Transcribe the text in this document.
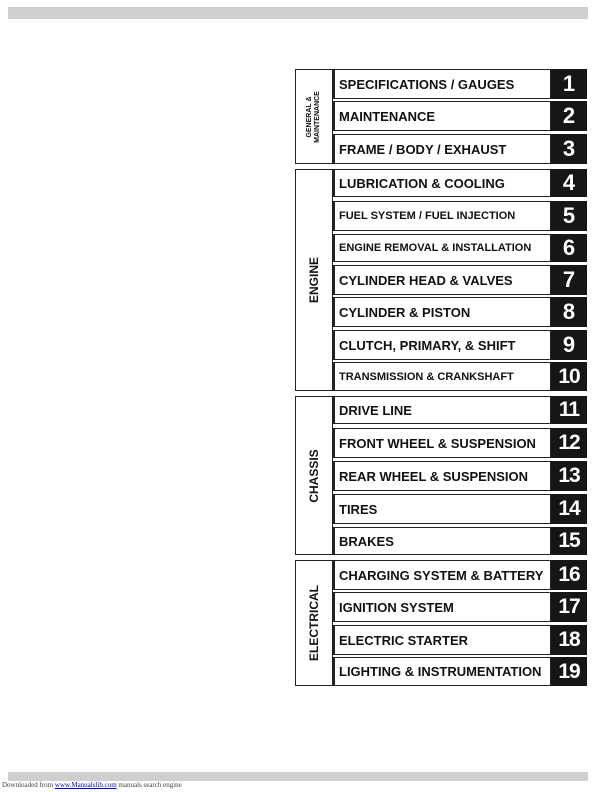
GENERAL & MAINTENANCE
SPECIFICATIONS / GAUGES	1
MAINTENANCE	2
FRAME / BODY / EXHAUST	3
ENGINE
LUBRICATION & COOLING	4
FUEL SYSTEM / FUEL INJECTION	5
ENGINE REMOVAL & INSTALLATION	6
CYLINDER HEAD & VALVES	7
CYLINDER & PISTON	8
CLUTCH, PRIMARY, & SHIFT	9
TRANSMISSION & CRANKSHAFT	10
CHASSIS
DRIVE LINE	11
FRONT WHEEL & SUSPENSION	12
REAR WHEEL & SUSPENSION	13
TIRES	14
BRAKES	15
ELECTRICAL
CHARGING SYSTEM & BATTERY 16
IGNITION SYSTEM	17
ELECTRIC STARTER	18
LIGHTING & INSTRUMENTATION 19
Downloaded from www.Manualslib.com manuals search engine
